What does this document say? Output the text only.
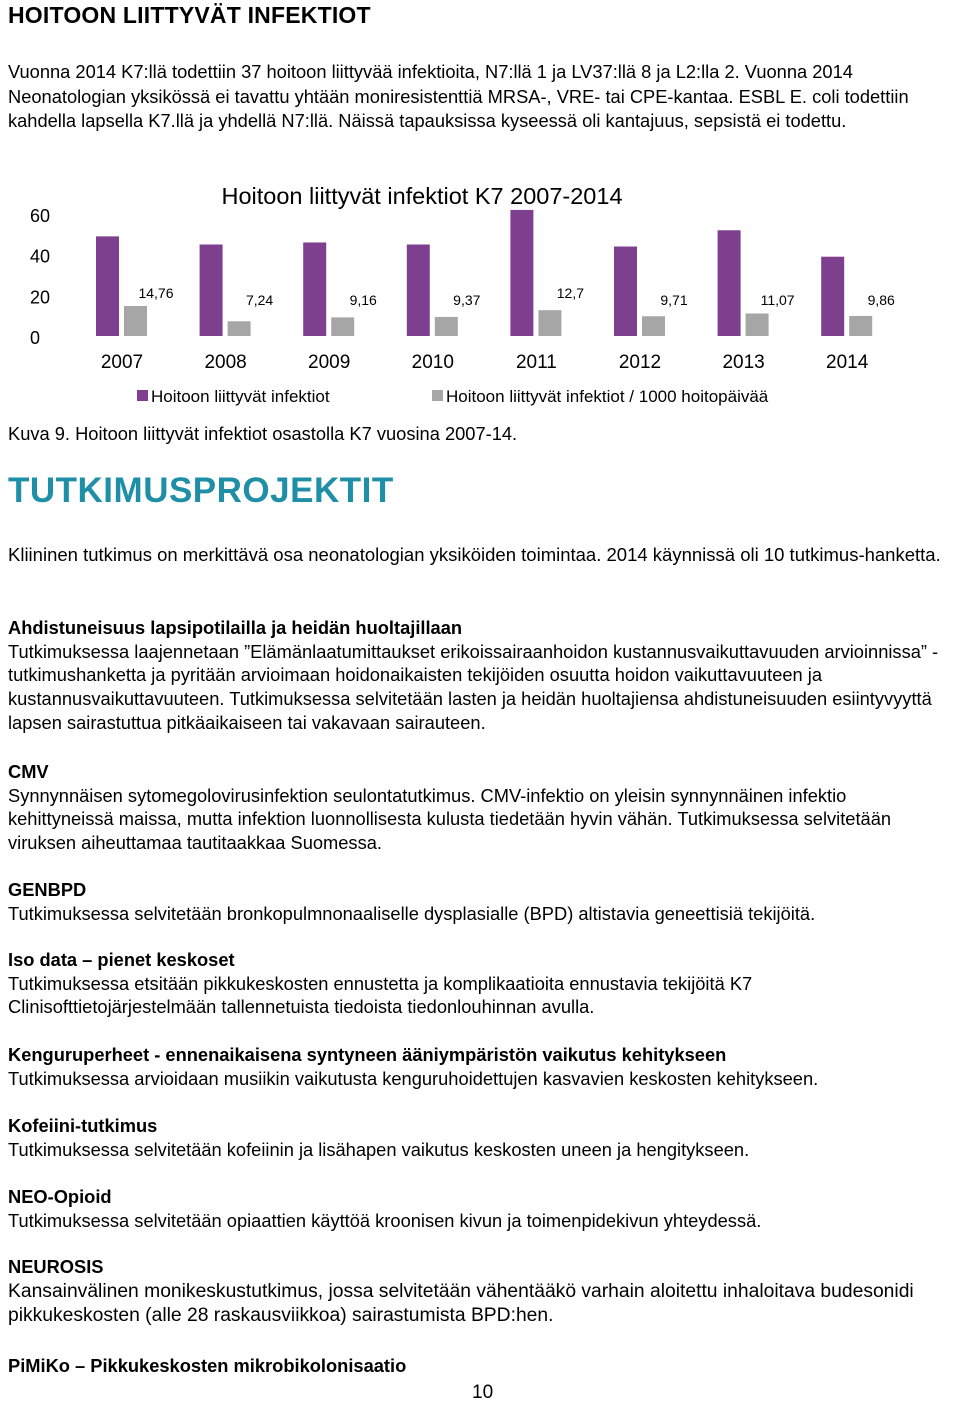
HOITOON LIITTYVÄT INFEKTIOT

Vuonna 2014 K7:llä todettiin 37 hoitoon liittyvää infektioita, N7:llä 1 ja LV37:llä 8 ja L2:lla 2. Vuonna 2014 Neonatologian yksikössä ei tavattu yhtään moniresistenttiä MRSA-, VRE- tai CPE-kantaa. ESBL E. coli todettiin kahdella lapsella K7.llä ja yhdellä N7:llä. Näissä tapauksissa kyseessä oli kantajuus, sepsistä ei todettu.

Hoitoon liittyvät infektiot K7 2007-2014
0
20
40
60
14,76
2007
7,24
2008
9,16
2009
9,37
2010
12,7
2011
9,71
2012
11,07
2013
9,86
2014
Hoitoon liittyvät infektiot	Hoitoon liittyvät infektiot / 1000 hoitopäivää

Kuva 9. Hoitoon liittyvät infektiot osastolla K7 vuosina 2007-14.

TUTKIMUSPROJEKTIT

Kliininen tutkimus on merkittävä osa neonatologian yksiköiden toimintaa. 2014 käynnissä oli 10 tutkimus-hanketta.

Ahdistuneisuus lapsipotilailla ja heidän huoltajillaan
Tutkimuksessa laajennetaan ”Elämänlaatumittaukset erikoissairaanhoidon kustannusvaikuttavuuden arvioinnissa” -tutkimushanketta ja pyritään arvioimaan hoidonaikaisten tekijöiden osuutta hoidon vaikuttavuuteen ja kustannusvaikuttavuuteen. Tutkimuksessa selvitetään lasten ja heidän huoltajiensa ahdistuneisuuden esiintyvyyttä lapsen sairastuttua pitkäaikaiseen tai vakavaan sairauteen.
CMV
Synnynnäisen sytomegolovirusinfektion seulontatutkimus. CMV-infektio on yleisin synnynnäinen infektio kehittyneissä maissa, mutta infektion luonnollisesta kulusta tiedetään hyvin vähän. Tutkimuksessa selvitetään viruksen aiheuttamaa tautitaakkaa Suomessa.
GENBPD
Tutkimuksessa selvitetään bronkopulmnonaaliselle dysplasialle (BPD) altistavia geneettisiä tekijöitä.
Iso data – pienet keskoset
Tutkimuksessa etsitään pikkukeskosten ennustetta ja komplikaatioita ennustavia tekijöitä K7 Clinisofttietojärjestelmään tallennetuista tiedoista tiedonlouhinnan avulla.
Kenguruperheet - ennenaikaisena syntyneen ääniympäristön vaikutus kehitykseen
Tutkimuksessa arvioidaan musiikin vaikutusta kenguruhoidettujen kasvavien keskosten kehitykseen.
Kofeiini-tutkimus
Tutkimuksessa selvitetään kofeiinin ja lisähapen vaikutus keskosten uneen ja hengitykseen.
NEO-Opioid
Tutkimuksessa selvitetään opiaattien käyttöä kroonisen kivun ja toimenpidekivun yhteydessä.
NEUROSIS
Kansainvälinen monikeskustutkimus, jossa selvitetään vähentääkö varhain aloitettu inhaloitava budesonidi pikkukeskosten (alle 28 raskausviikkoa) sairastumista BPD:hen.
PiMiKo – Pikkukeskosten mikrobikolonisaatio

10
